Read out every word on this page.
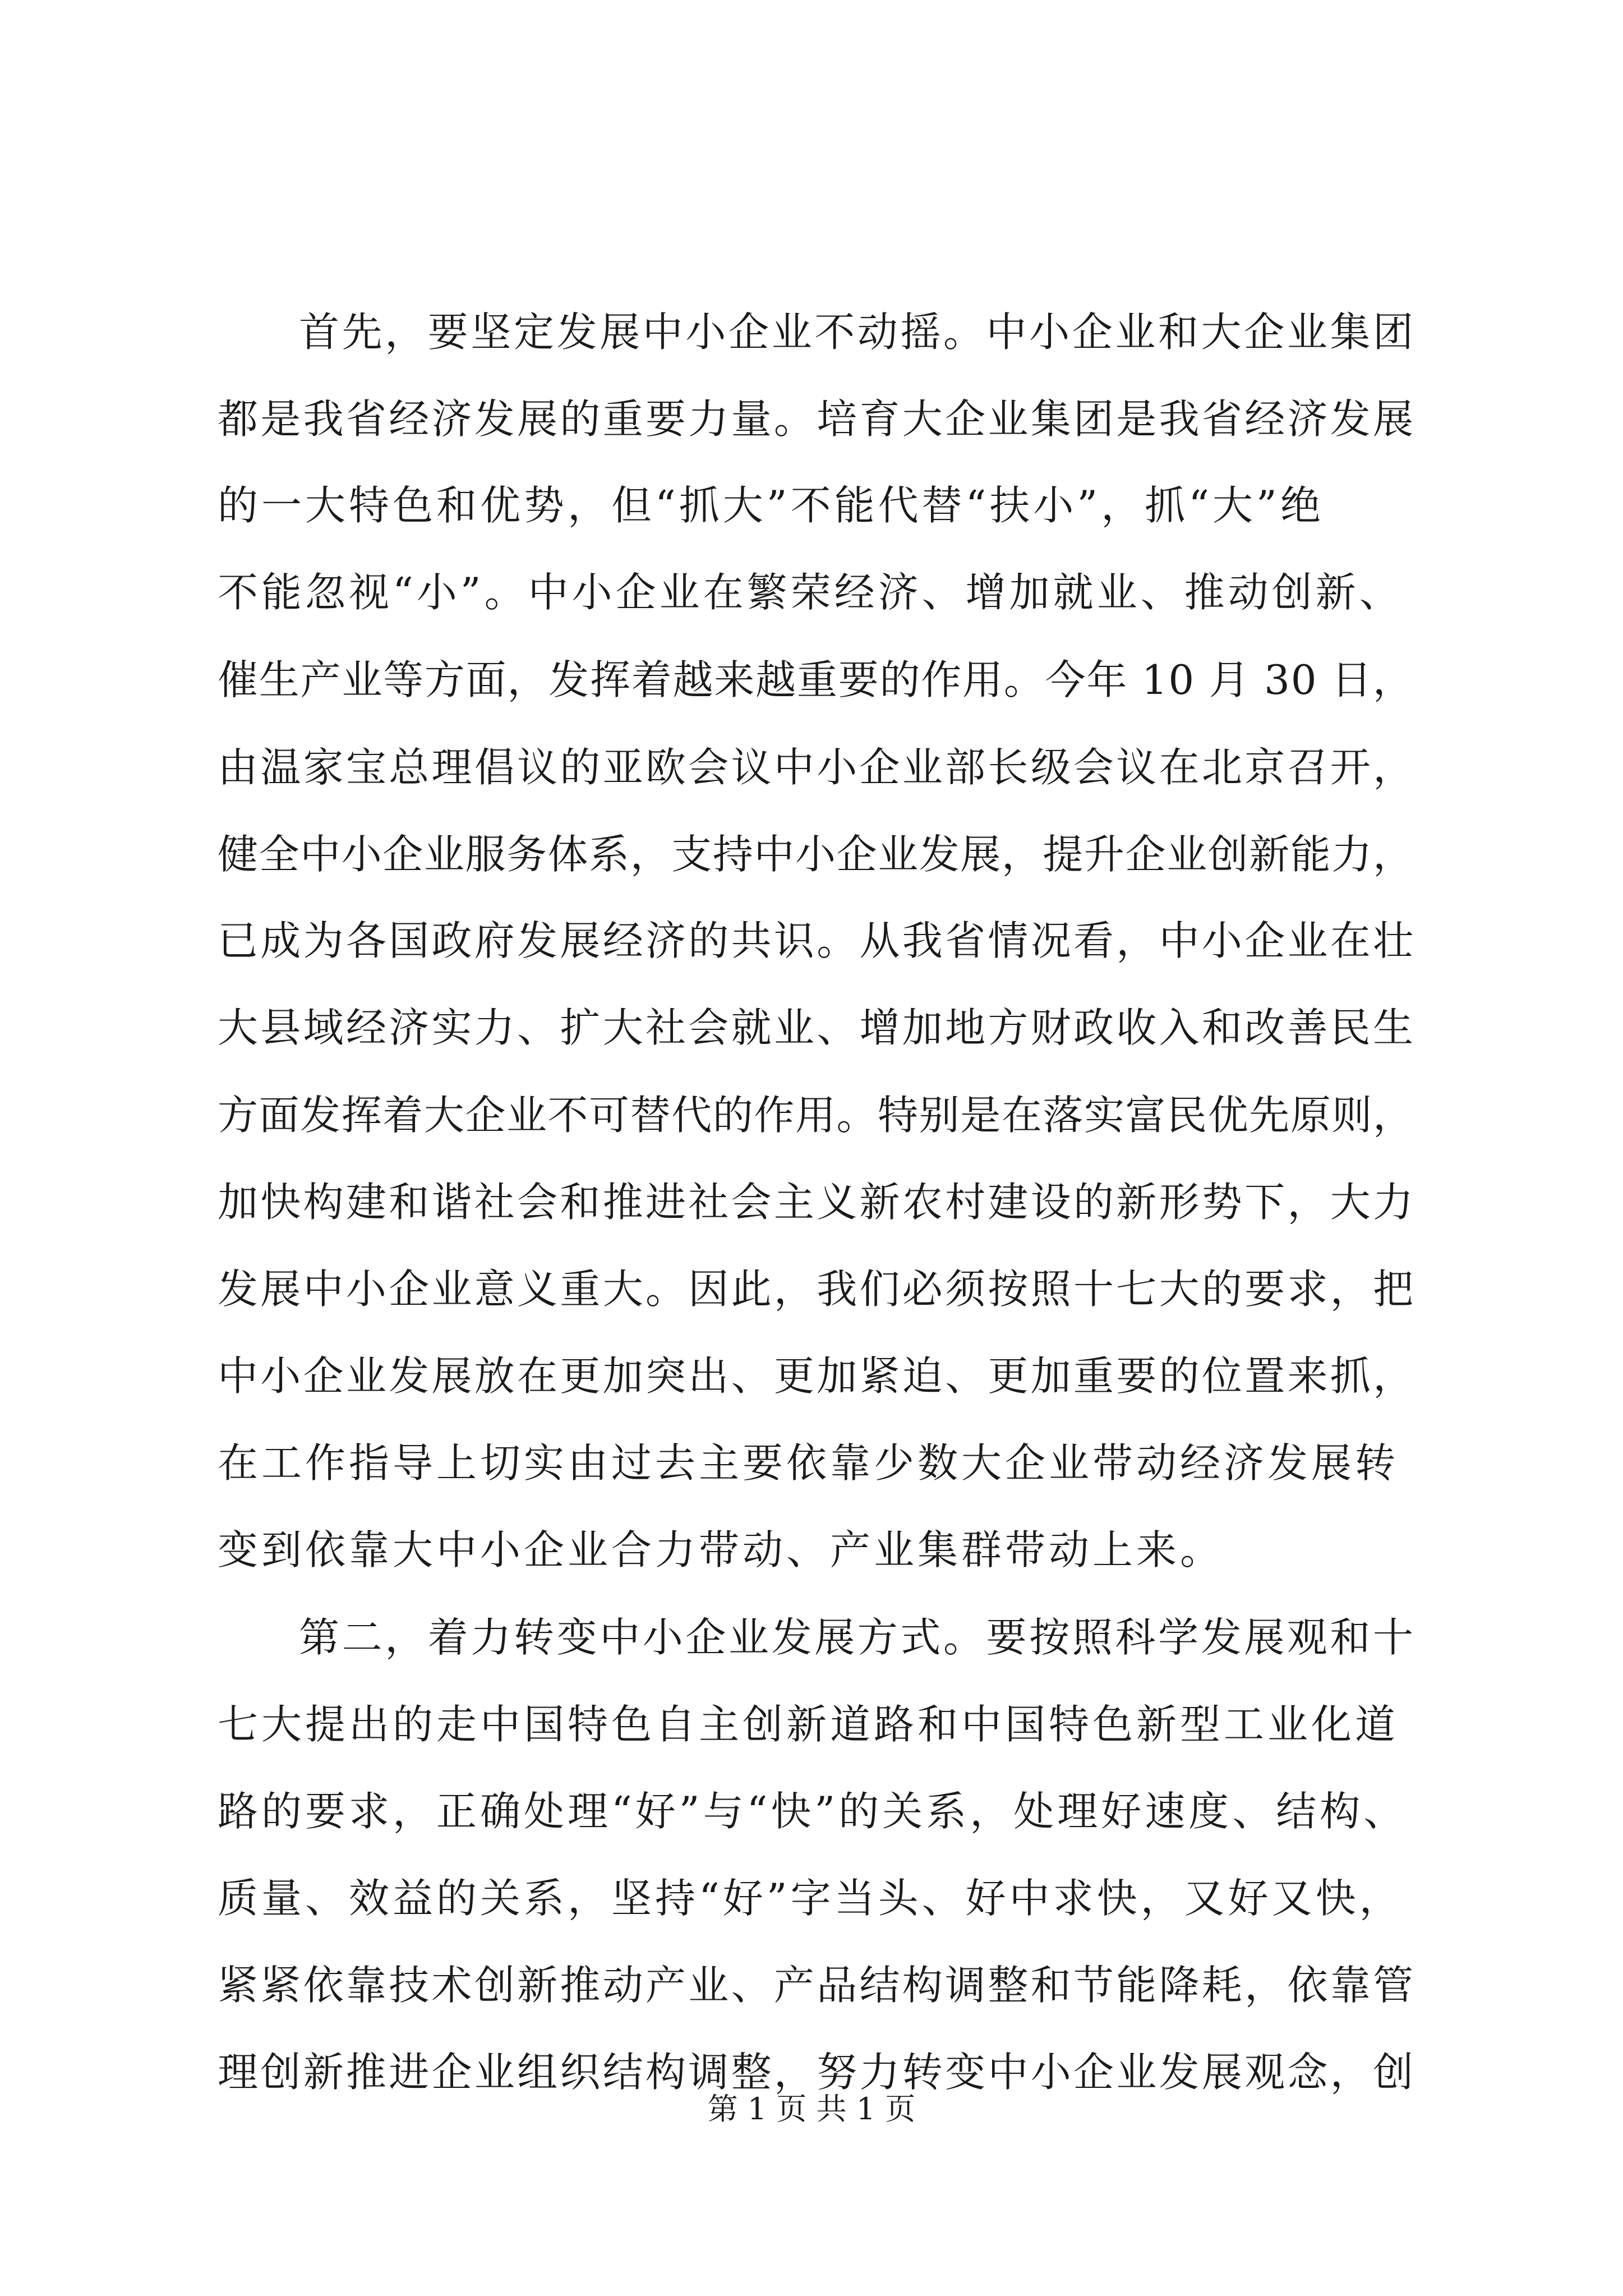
首先，要坚定发展中小企业不动摇。中小企业和大企业集团
都是我省经济发展的重要力量。培育大企业集团是我省经济发展
的一大特色和优势，但“抓大”不能代替“扶小”，抓“大”绝
不能忽视“小”。中小企业在繁荣经济、增加就业、推动创新、
催生产业等方面，发挥着越来越重要的作用。今年 10 月 30 日，
由温家宝总理倡议的亚欧会议中小企业部长级会议在北京召开，
健全中小企业服务体系，支持中小企业发展，提升企业创新能力，
已成为各国政府发展经济的共识。从我省情况看，中小企业在壮
大县域经济实力、扩大社会就业、增加地方财政收入和改善民生
方面发挥着大企业不可替代的作用。特别是在落实富民优先原则，
加快构建和谐社会和推进社会主义新农村建设的新形势下，大力
发展中小企业意义重大。因此，我们必须按照十七大的要求，把
中小企业发展放在更加突出、更加紧迫、更加重要的位置来抓，
在工作指导上切实由过去主要依靠少数大企业带动经济发展转
变到依靠大中小企业合力带动、产业集群带动上来。
第二，着力转变中小企业发展方式。要按照科学发展观和十
七大提出的走中国特色自主创新道路和中国特色新型工业化道
路的要求，正确处理“好”与“快”的关系，处理好速度、结构、
质量、效益的关系，坚持“好”字当头、好中求快，又好又快，
紧紧依靠技术创新推动产业、产品结构调整和节能降耗，依靠管
理创新推进企业组织结构调整，努力转变中小企业发展观念，创
第 1 页 共 1 页
